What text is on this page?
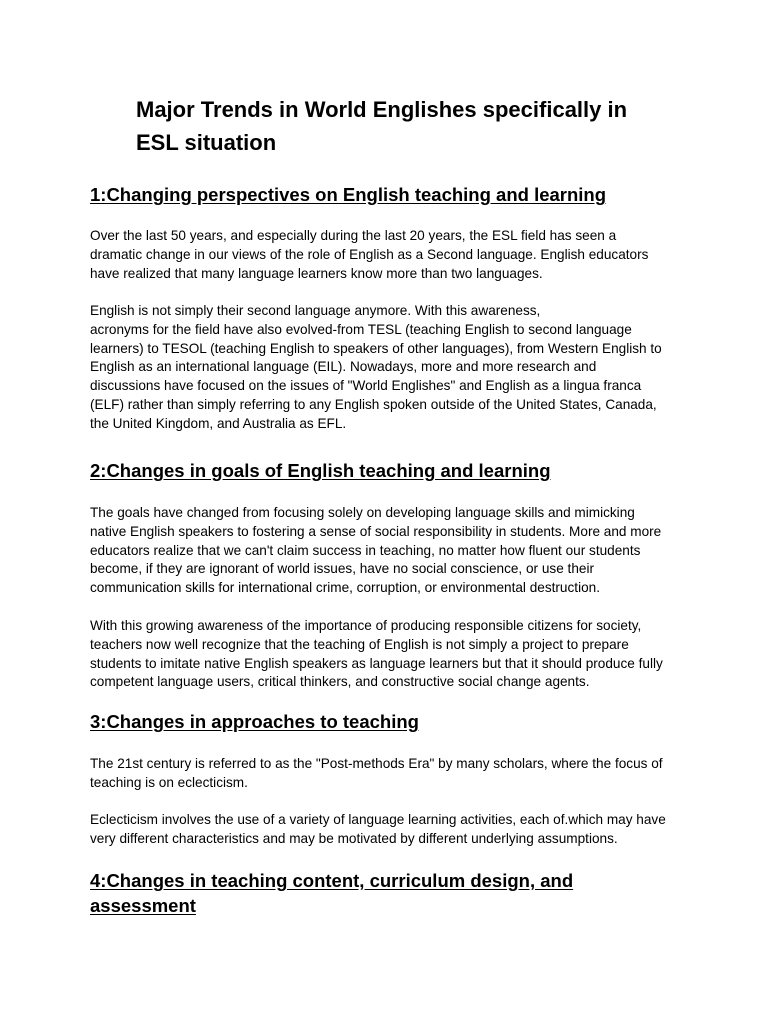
Major Trends in World Englishes specifically in
ESL situation
1:Changing perspectives on English teaching and learning

Over the last 50 years, and especially during the last 20 years, the ESL field has seen a
dramatic change in our views of the role of English as a Second language. English educators
have realized that many language learners know more than two languages.

English is not simply their second language anymore. With this awareness,
acronyms for the field have also evolved-from TESL (teaching English to second language
learners) to TESOL (teaching English to speakers of other languages), from Western English to
English as an international language (EIL). Nowadays, more and more research and
discussions have focused on the issues of "World Englishes" and English as a lingua franca
(ELF) rather than simply referring to any English spoken outside of the United States, Canada,
the United Kingdom, and Australia as EFL.

2:Changes in goals of English teaching and learning

The goals have changed from focusing solely on developing language skills and mimicking
native English speakers to fostering a sense of social responsibility in students. More and more
educators realize that we can't claim success in teaching, no matter how fluent our students
become, if they are ignorant of world issues, have no social conscience, or use their
communication skills for international crime, corruption, or environmental destruction.

With this growing awareness of the importance of producing responsible citizens for society,
teachers now well recognize that the teaching of English is not simply a project to prepare
students to imitate native English speakers as language learners but that it should produce fully
competent language users, critical thinkers, and constructive social change agents.

3:Changes in approaches to teaching

The 21st century is referred to as the "Post-methods Era" by many scholars, where the focus of
teaching is on eclecticism.

Eclecticism involves the use of a variety of language learning activities, each of.which may have
very different characteristics and may be motivated by different underlying assumptions.

4:Changes in teaching content, curriculum design, and
assessment
